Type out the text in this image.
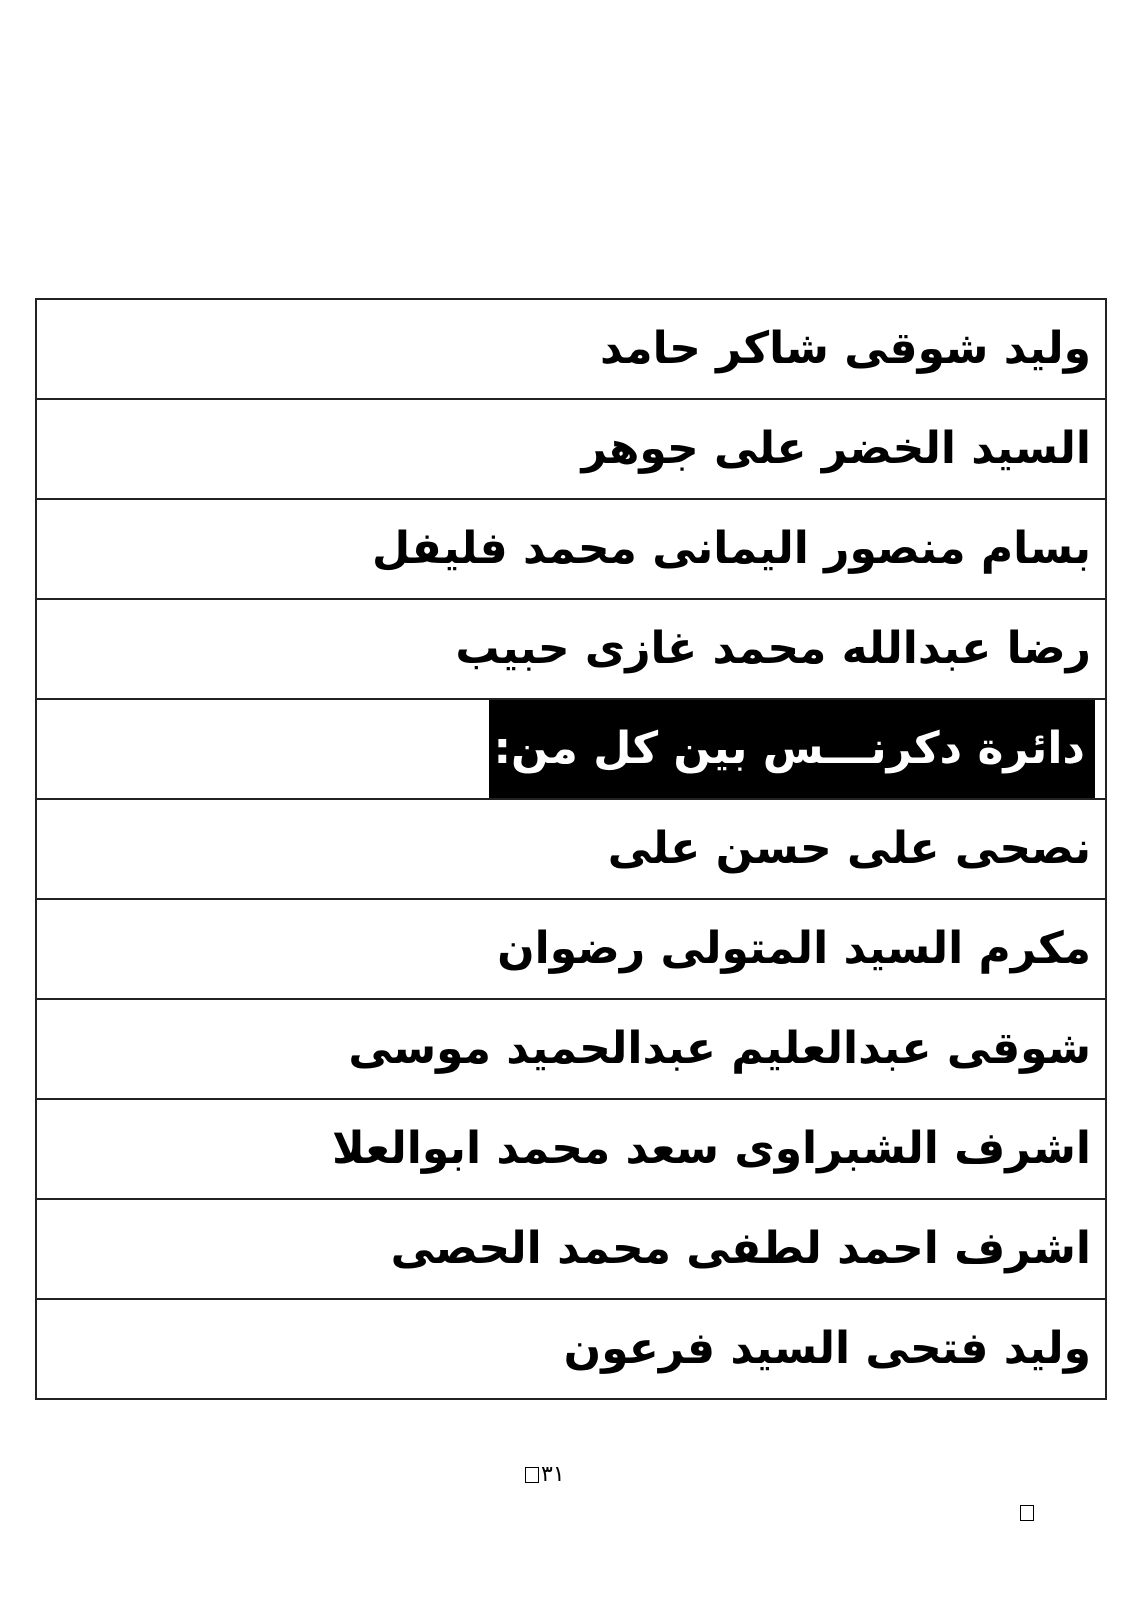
وليد شوقى شاكر حامد
السيد الخضر على جوهر
بسام منصور اليمانى محمد فليفل
رضا عبدالله محمد غازى حبيب
دائرة دكرنـــس بين كل من:
نصحى على حسن على
مكرم السيد المتولى رضوان
شوقى عبدالعليم عبدالحميد موسى
اشرف الشبراوى سعد محمد ابوالعلا
اشرف احمد لطفى محمد الحصى
وليد فتحى السيد فرعون
٣١
